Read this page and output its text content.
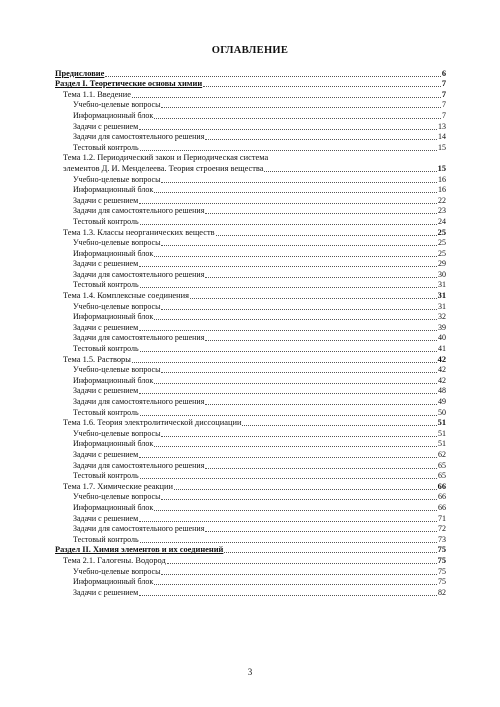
ОГЛАВЛЕНИЕ
Предисловие	6
Раздел I. Теоретические основы химии	7
Тема 1.1. Введение	7
Учебно-целевые вопросы	7
Информационный блок	7
Задачи с решением	13
Задачи для самостоятельного решения	14
Тестовый контроль	15
Тема 1.2. Периодический закон и Периодическая система
элементов Д. И. Менделеева. Теория строения вещества	15
Учебно-целевые вопросы	16
Информационный блок	16
Задачи с решением	22
Задачи для самостоятельного решения	23
Тестовый контроль	24
Тема 1.3. Классы неорганических веществ	25
Учебно-целевые вопросы	25
Информационный блок	25
Задачи с решением	29
Задачи для самостоятельного решения	30
Тестовый контроль	31
Тема 1.4. Комплексные соединения	31
Учебно-целевые вопросы	31
Информационный блок	32
Задачи с решением	39
Задачи для самостоятельного решения	40
Тестовый контроль	41
Тема 1.5. Растворы	42
Учебно-целевые вопросы	42
Информационный блок	42
Задачи с решением	48
Задачи для самостоятельного решения	49
Тестовый контроль	50
Тема 1.6. Теория электролитической диссоциации	51
Учебно-целевые вопросы	51
Информационный блок	51
Задачи с решением	62
Задачи для самостоятельного решения	65
Тестовый контроль	65
Тема 1.7. Химические реакции	66
Учебно-целевые вопросы	66
Информационный блок	66
Задачи с решением	71
Задачи для самостоятельного решения	72
Тестовый контроль	73
Раздел II. Химия элементов и их соединений	75
Тема 2.1. Галогены. Водород	75
Учебно-целевые вопросы	75
Информационный блок	75
Задачи с решением	82
3
